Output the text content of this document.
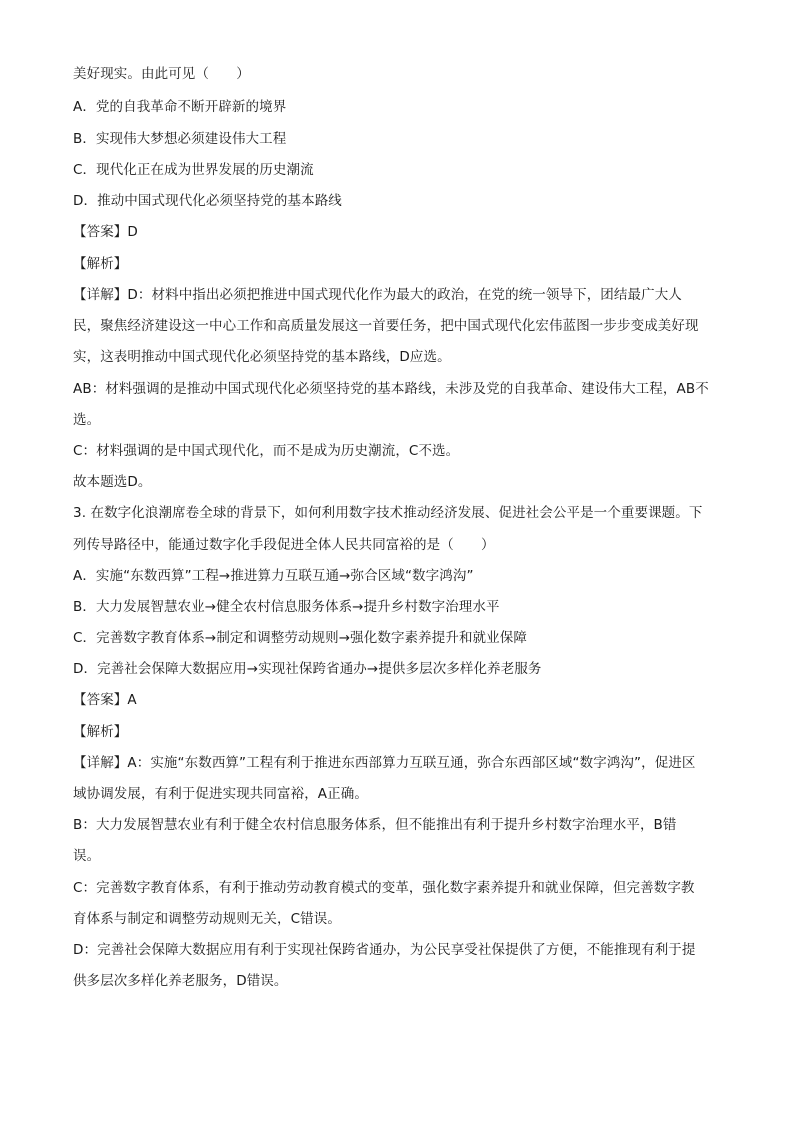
美好现实。由此可见（　　）
A．党的自我革命不断开辟新的境界
B．实现伟大梦想必须建设伟大工程
C．现代化正在成为世界发展的历史潮流
D．推动中国式现代化必须坚持党的基本路线
【答案】D
【解析】
【详解】D：材料中指出必须把推进中国式现代化作为最大的政治，在党的统一领导下，团结最广大人
民，聚焦经济建设这一中心工作和高质量发展这一首要任务，把中国式现代化宏伟蓝图一步步变成美好现
实，这表明推动中国式现代化必须坚持党的基本路线，D应选。
AB：材料强调的是推动中国式现代化必须坚持党的基本路线，未涉及党的自我革命、建设伟大工程，AB不
选。
C：材料强调的是中国式现代化，而不是成为历史潮流，C不选。
故本题选D。
3. 在数字化浪潮席卷全球的背景下，如何利用数字技术推动经济发展、促进社会公平是一个重要课题。下
列传导路径中，能通过数字化手段促进全体人民共同富裕的是（　　）
A．实施“东数西算”工程→推进算力互联互通→弥合区域“数字鸿沟”
B．大力发展智慧农业→健全农村信息服务体系→提升乡村数字治理水平
C．完善数字教育体系→制定和调整劳动规则→强化数字素养提升和就业保障
D．完善社会保障大数据应用→实现社保跨省通办→提供多层次多样化养老服务
【答案】A
【解析】
【详解】A：实施“东数西算”工程有利于推进东西部算力互联互通，弥合东西部区域“数字鸿沟”，促进区
域协调发展，有利于促进实现共同富裕，A正确。
B：大力发展智慧农业有利于健全农村信息服务体系，但不能推出有利于提升乡村数字治理水平，B错
误。
C：完善数字教育体系，有利于推动劳动教育模式的变革，强化数字素养提升和就业保障，但完善数字教
育体系与制定和调整劳动规则无关，C错误。
D：完善社会保障大数据应用有利于实现社保跨省通办，为公民享受社保提供了方便，不能推现有利于提
供多层次多样化养老服务，D错误。
